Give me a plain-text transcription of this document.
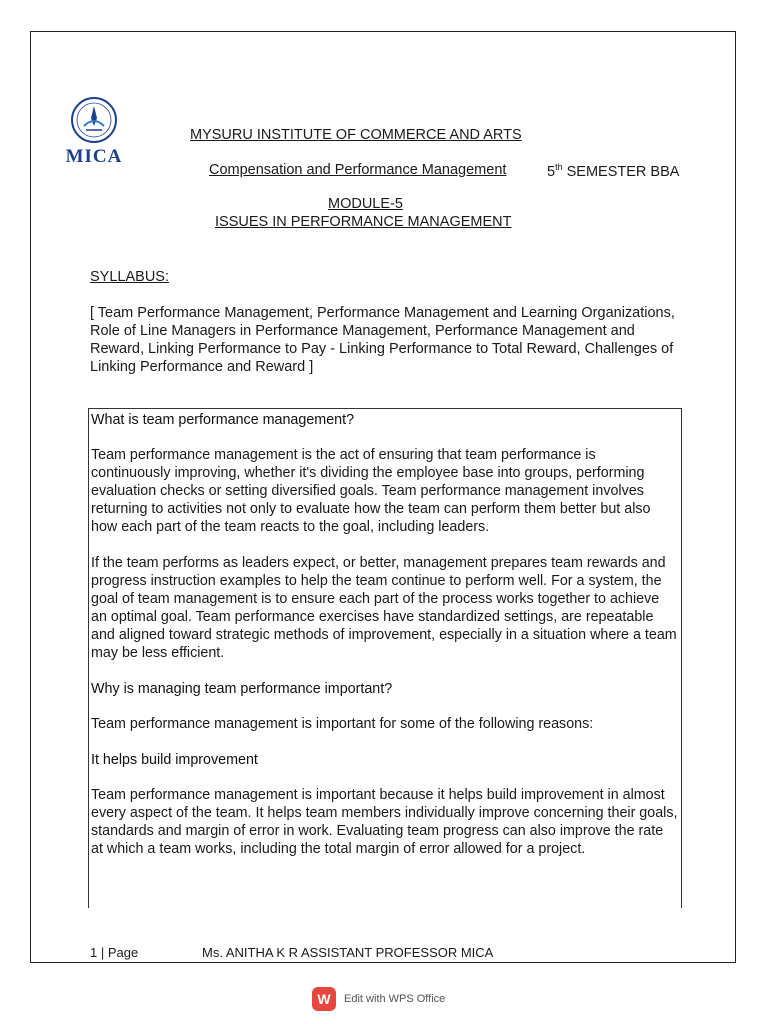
MICA
MYSURU INSTITUTE OF COMMERCE AND ARTS
Compensation and Performance Management	5th SEMESTER BBA
MODULE-5
ISSUES IN PERFORMANCE MANAGEMENT
SYLLABUS:
[ Team Performance Management, Performance Management and Learning Organizations, Role of Line Managers in Performance Management, Performance Management and Reward, Linking Performance to Pay - Linking Performance to Total Reward, Challenges of Linking Performance and Reward ]

What is team performance management?

Team performance management is the act of ensuring that team performance is continuously improving, whether it's dividing the employee base into groups, performing evaluation checks or setting diversified goals. Team performance management involves returning to activities not only to evaluate how the team can perform them better but also how each part of the team reacts to the goal, including leaders.

If the team performs as leaders expect, or better, management prepares team rewards and progress instruction examples to help the team continue to perform well. For a system, the goal of team management is to ensure each part of the process works together to achieve an optimal goal. Team performance exercises have standardized settings, are repeatable and aligned toward strategic methods of improvement, especially in a situation where a team may be less efficient.

Why is managing team performance important?

Team performance management is important for some of the following reasons:

It helps build improvement

Team performance management is important because it helps build improvement in almost every aspect of the team. It helps team members individually improve concerning their goals, standards and margin of error in work. Evaluating team progress can also improve the rate at which a team works, including the total margin of error allowed for a project.

1 | Page	Ms. ANITHA K R ASSISTANT PROFESSOR MICA
W	Edit with WPS Office
